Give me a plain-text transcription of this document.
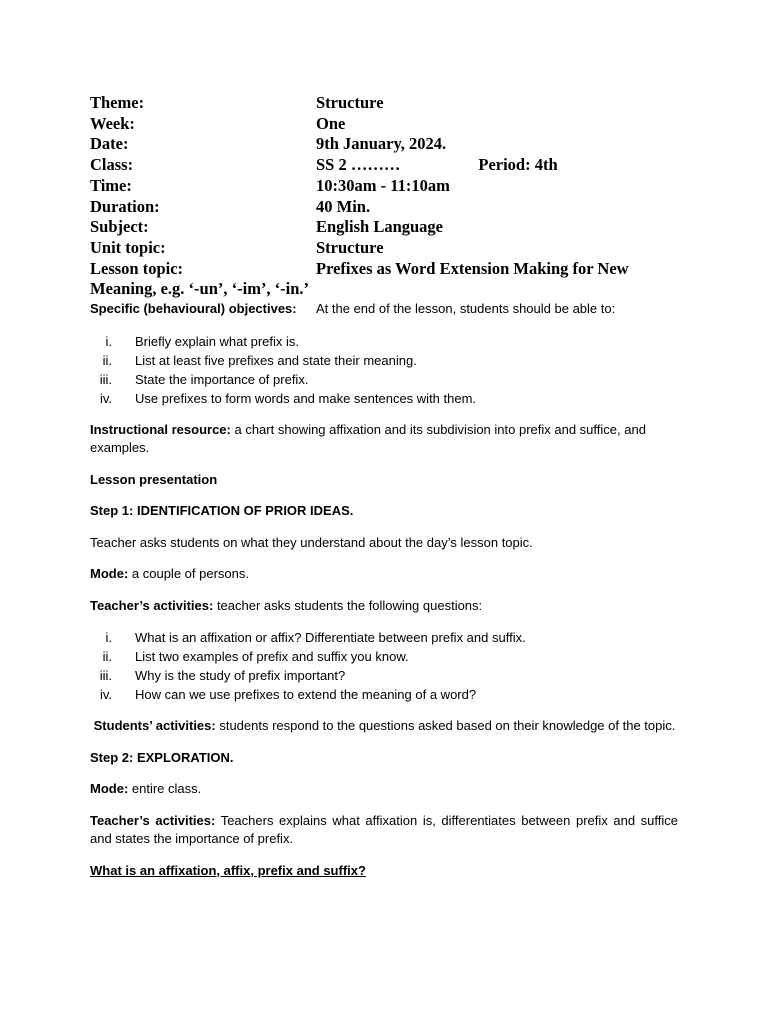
Theme:	Structure
Week:	One
Date:	9th January, 2024.
Class:	SS 2 ………	Period: 4th
Time:	10:30am - 11:10am
Duration:	40 Min.
Subject:	English Language
Unit topic:	Structure
Lesson topic:	Prefixes as Word Extension Making for New
Meaning, e.g. ‘-un’, ‘-im’, ‘-in.’
Specific (behavioural) objectives:	At the end of the lesson, students should be able to:
i. Briefly explain what prefix is.
ii. List at least five prefixes and state their meaning.
iii. State the importance of prefix.
iv. Use prefixes to form words and make sentences with them.

Instructional resource: a chart showing affixation and its subdivision into prefix and suffice, and examples.

Lesson presentation

Step 1: IDENTIFICATION OF PRIOR IDEAS.

Teacher asks students on what they understand about the day’s lesson topic.

Mode: a couple of persons.

Teacher’s activities: teacher asks students the following questions:

i. What is an affixation or affix? Differentiate between prefix and suffix.
ii. List two examples of prefix and suffix you know.
iii. Why is the study of prefix important?
iv. How can we use prefixes to extend the meaning of a word?

Students’ activities: students respond to the questions asked based on their knowledge of the topic.

Step 2: EXPLORATION.

Mode: entire class.

Teacher’s activities: Teachers explains what affixation is, differentiates between prefix and suffice and states the importance of prefix.

What is an affixation, affix, prefix and suffix?
